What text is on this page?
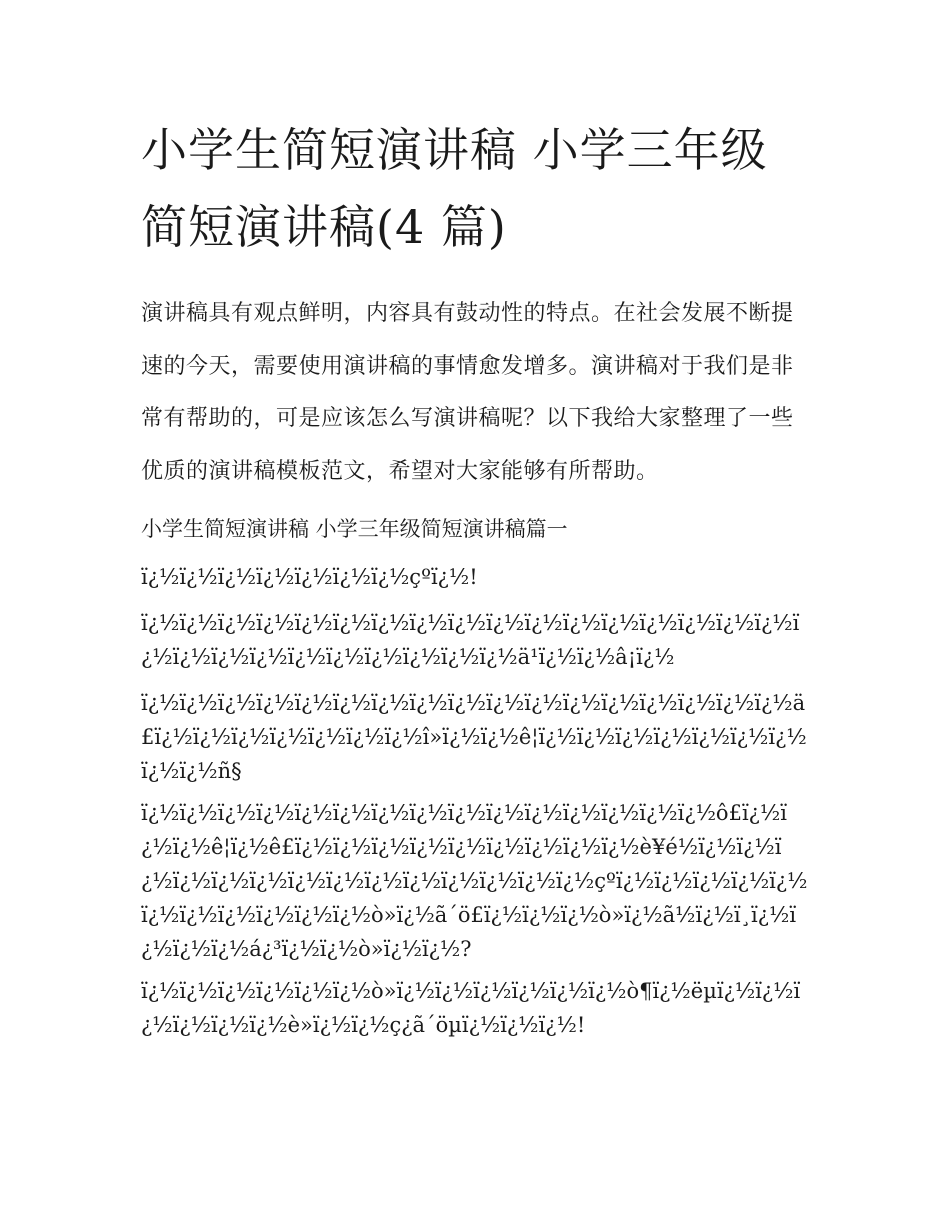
小学生简短演讲稿 小学三年级简短演讲稿(4 篇)

演讲稿具有观点鲜明，内容具有鼓动性的特点。在社会发展不断提速的今天，需要使用演讲稿的事情愈发增多。演讲稿对于我们是非常有帮助的，可是应该怎么写演讲稿呢？以下我给大家整理了一些优质的演讲稿模板范文，希望对大家能够有所帮助。

小学生简短演讲稿 小学三年级简短演讲稿篇一

ï¿½ï¿½ï¿½ï¿½ï¿½ï¿½ï¿½çºï¿½!

ï¿½ï¿½ï¿½ï¿½ï¿½ï¿½ï¿½ï¿½ï¿½ï¿½ï¿½ï¿½ï¿½ï¿½ï¿½ï¿½ï¿½ï¿½ï¿½ï¿½ï¿½ï¿½ï¿½ï¿½ï¿½ï¿½ï¿½ä¹ï¿½ï¿½â¡ï¿½

ï¿½ï¿½ï¿½ï¿½ï¿½ï¿½ï¿½ï¿½ï¿½ï¿½ï¿½ï¿½ï¿½ï¿½ï¿½ï¿½ï¿½ä£ï¿½ï¿½ï¿½ï¿½ï¿½ï¿½ï¿½î»ï¿½ï¿½ê¦ï¿½ï¿½ï¿½ï¿½ï¿½ï¿½ï¿½ï¿½ï¿½ñ§

ï¿½ï¿½ï¿½ï¿½ï¿½ï¿½ï¿½ï¿½ï¿½ï¿½ï¿½ï¿½ï¿½ï¿½ï¿½ô£ï¿½ï¿½ï¿½ê¦ï¿½ê£ï¿½ï¿½ï¿½ï¿½ï¿½ï¿½ï¿½ï¿½ï¿½è¥é½ï¿½ï¿½ï¿½ï¿½ï¿½ï¿½ï¿½ï¿½ï¿½ï¿½ï¿½ï¿½ï¿½ï¿½çºï¿½ï¿½ï¿½ï¿½ï¿½ï¿½ï¿½ï¿½ï¿½ï¿½ï¿½ò»ï¿½ã´ö£ï¿½ï¿½ï¿½ò»ï¿½ã½ï¿½ï¸ï¿½ï¿½ï¿½ï¿½á¿³ï¿½ï¿½ò»ï¿½ï¿½?

ï¿½ï¿½ï¿½ï¿½ï¿½ï¿½ò»ï¿½ï¿½ï¿½ï¿½ï¿½ï¿½ò¶ï¿½ëµï¿½ï¿½ï¿½ï¿½ï¿½ï¿½è»ï¿½ï¿½ç¿ã´öµï¿½ï¿½ï¿½!
